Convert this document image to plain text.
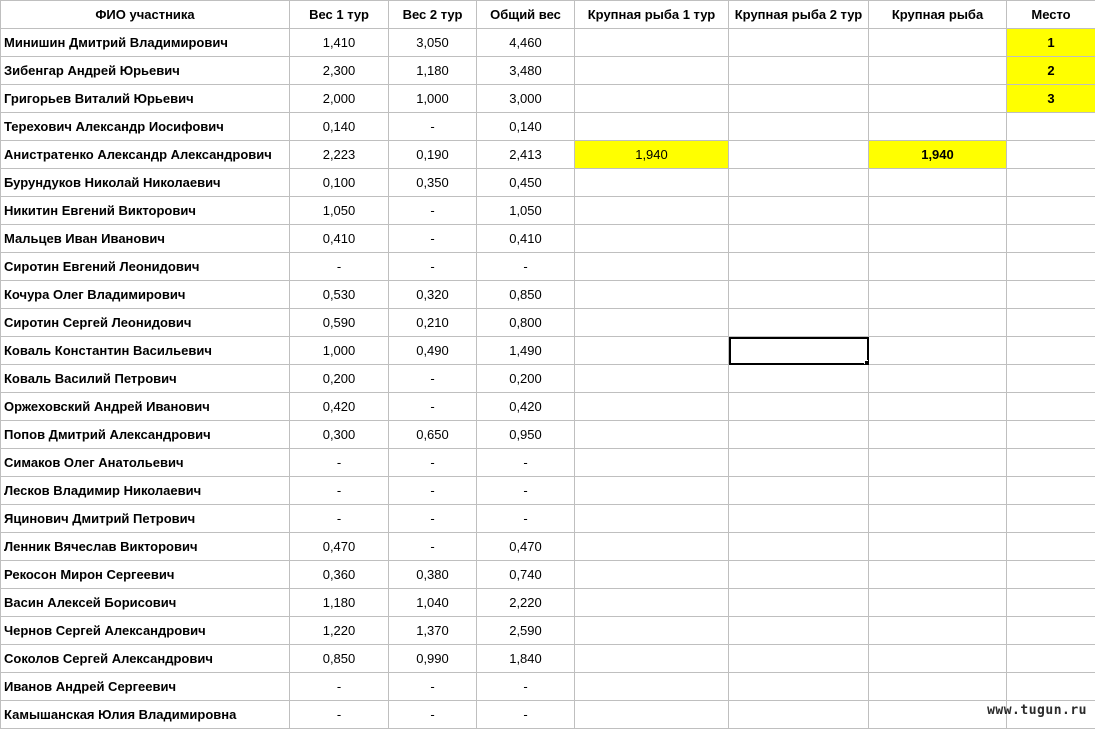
ФИО участника	Вес 1 тур	Вес 2 тур	Общий вес	Крупная рыба 1 тур	Крупная рыба 2 тур	Крупная рыба	Место
Минишин Дмитрий Владимирович	1,410	3,050	4,460				1
Зибенгар Андрей Юрьевич	2,300	1,180	3,480				2
Григорьев Виталий Юрьевич	2,000	1,000	3,000				3
Терехович Александр Иосифович	0,140	-	0,140				
Анистратенко Александр Александрович	2,223	0,190	2,413	1,940		1,940	
Бурундуков Николай Николаевич	0,100	0,350	0,450				
Никитин Евгений Викторович	1,050	-	1,050				
Мальцев Иван Иванович	0,410	-	0,410				
Сиротин Евгений Леонидович	-	-	-				
Кочура Олег Владимирович	0,530	0,320	0,850				
Сиротин Сергей Леонидович	0,590	0,210	0,800				
Коваль Константин Васильевич	1,000	0,490	1,490		

Коваль Василий Петрович	0,200	-	0,200				
Оржеховский Андрей Иванович	0,420	-	0,420				
Попов Дмитрий Александрович	0,300	0,650	0,950				
Симаков Олег Анатольевич	-	-	-				
Лесков Владимир Николаевич	-	-	-				
Яцинович Дмитрий Петрович	-	-	-				
Ленник Вячеслав Викторович	0,470	-	0,470				
Рекосон Мирон Сергеевич	0,360	0,380	0,740				
Васин Алексей Борисович	1,180	1,040	2,220				
Чернов Сергей Александрович	1,220	1,370	2,590				
Соколов Сергей Александрович	0,850	0,990	1,840				
Иванов Андрей Сергеевич	-	-	-				
Камышанская Юлия Владимировна	-	-	-					www.tugun.ru
